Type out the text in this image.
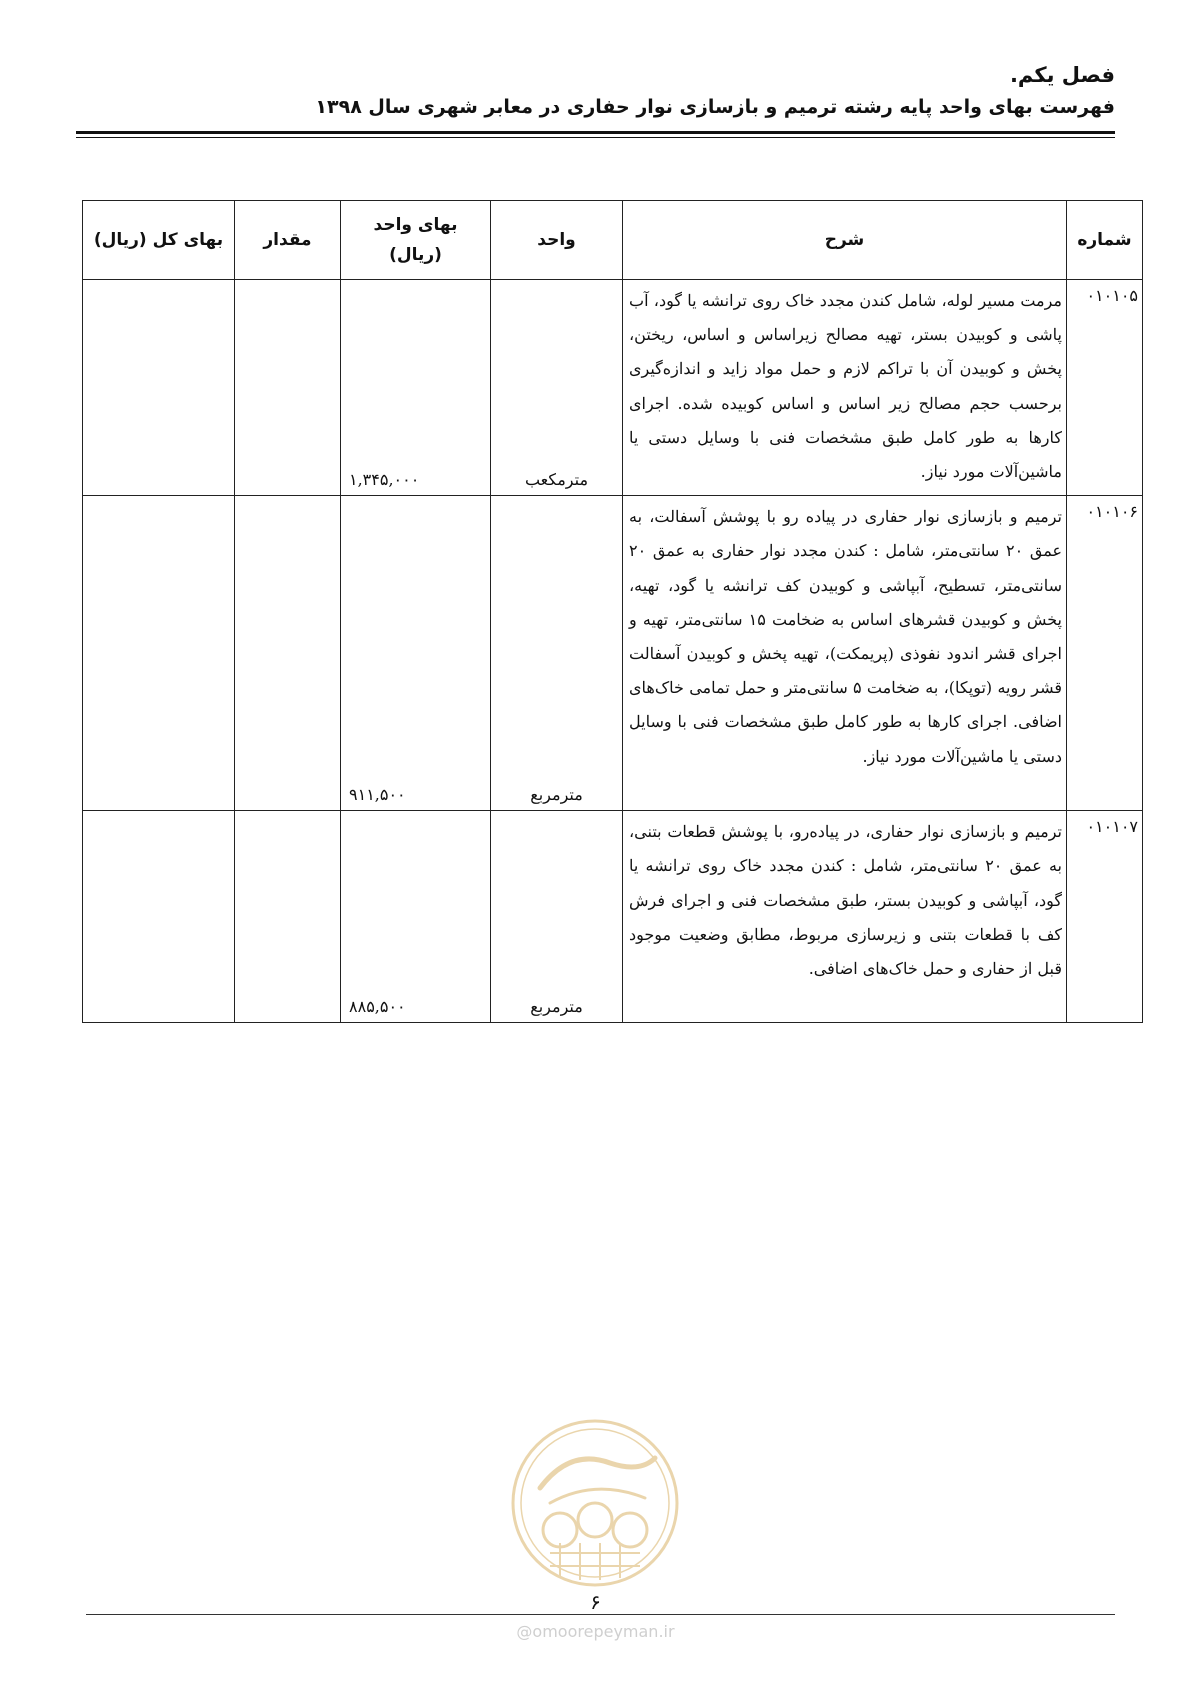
فصل یکم.
فهرست بهای واحد پایه رشته ترمیم و بازسازی نوار حفاری در معابر شهری سال ۱۳۹۸
شماره	شرح	واحد	بهای واحد
(ریال)	مقدار	بهای کل (ریال)
۰۱۰۱۰۵	مرمت مسیر لوله، شامل کندن مجدد خاک روی ترانشه یا گود، آب پاشی و کوبیدن بستر، تهیه مصالح زیراساس و اساس، ریختن، پخش و کوبیدن آن با تراکم لازم و حمل مواد زاید و اندازه‌گیری برحسب حجم مصالح زیر اساس و اساس کوبیده شده. اجرای کارها به طور کامل طبق مشخصات فنی با وسایل دستی یا ماشین‌آلات مورد نیاز.	مترمکعب	۱,۳۴۵,۰۰۰		
۰۱۰۱۰۶	ترمیم و بازسازی نوار حفاری در پیاده رو با پوشش آسفالت، به عمق ۲۰ سانتی‌متر، شامل : کندن مجدد نوار حفاری به عمق ۲۰ سانتی‌متر، تسطیح، آبپاشی و کوبیدن کف ترانشه یا گود، تهیه، پخش و کوبیدن قشرهای اساس به ضخامت ۱۵ سانتی‌متر، تهیه و اجرای قشر اندود نفوذی (پریمکت)، تهیه پخش و کوبیدن آسفالت قشر رویه (توپکا)، به ضخامت ۵ سانتی‌متر و حمل تمامی خاک‌های اضافی. اجرای کارها به طور کامل طبق مشخصات فنی با وسایل دستی یا ماشین‌آلات مورد نیاز.	مترمربع	۹۱۱,۵۰۰		
۰۱۰۱۰۷	ترمیم و بازسازی نوار حفاری، در پیاده‌رو، با پوشش قطعات بتنی، به عمق ۲۰ سانتی‌متر، شامل : کندن مجدد خاک روی ترانشه یا گود، آبپاشی و کوبیدن بستر، طبق مشخصات فنی و اجرای فرش کف با قطعات بتنی و زیرسازی مربوط، مطابق وضعیت موجود قبل از حفاری و حمل خاک‌های اضافی.	مترمربع	۸۸۵,۵۰۰		
۶
@omoorepeyman.ir
